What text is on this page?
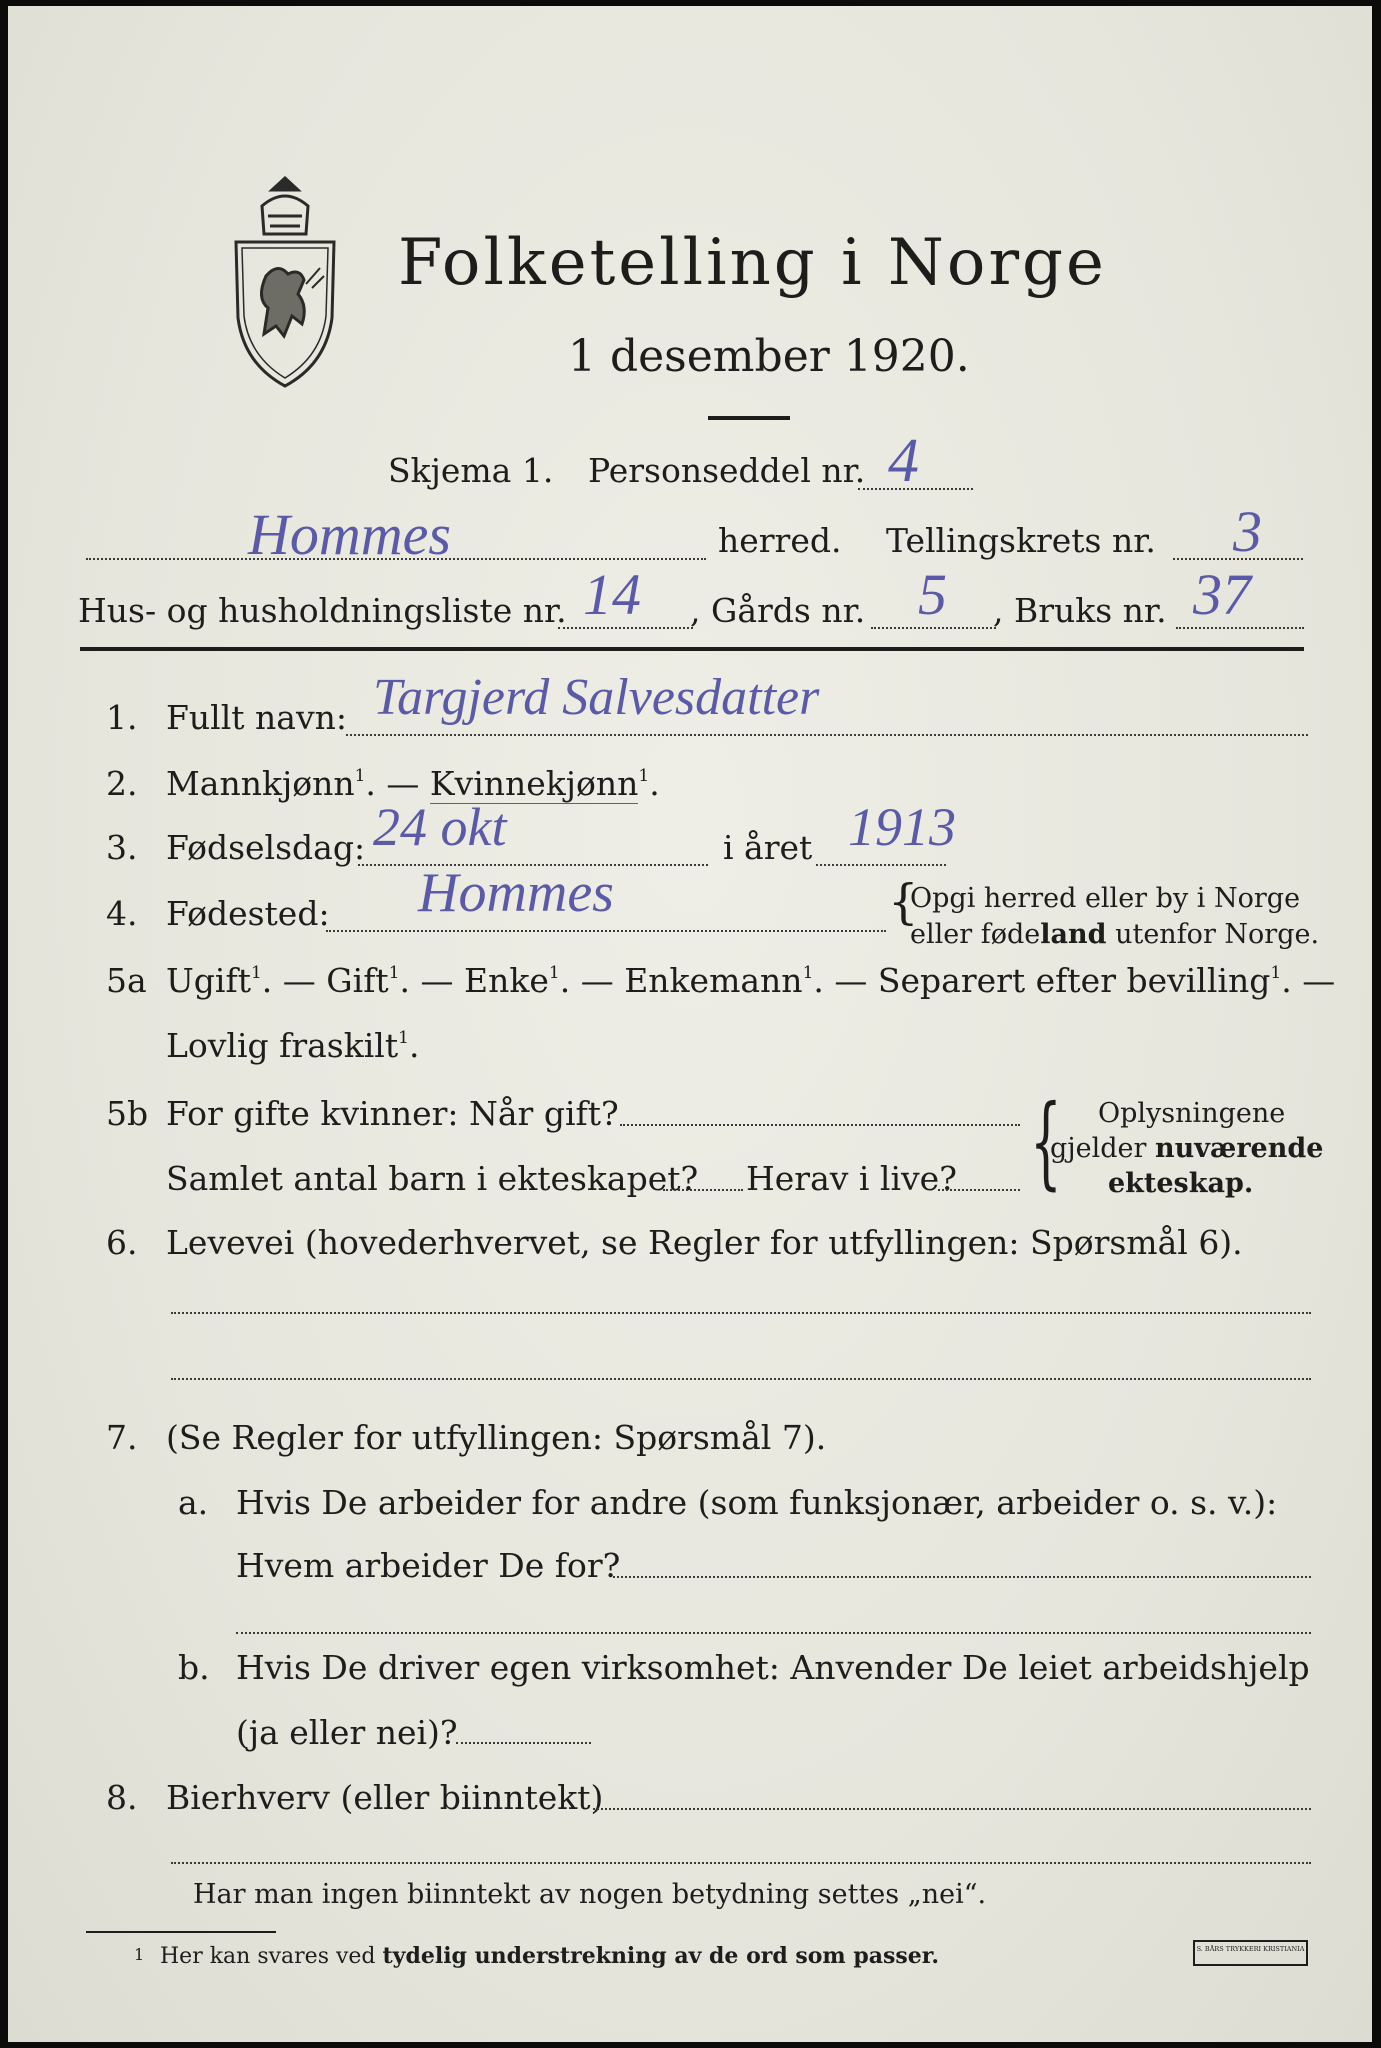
Folketelling i Norge
1 desember 1920.
Skjema 1. Personseddel nr. 4
Hommes	herred. Tellingskrets nr. 3
Hus- og husholdningsliste nr. 14 , Gårds nr. 5 , Bruks nr. 37
1. Fullt navn: Targjerd Salvesdatter
2. Mannkjønn$^1$. — Kvinnekjønn$^1$.
3. Fødselsdag: 24 okt	i året 1913
4. Fødested: Hommes	{
Opgi herred eller by i Norge
eller fødeland utenfor Norge.
5a Ugift$^1$. — Gift$^1$. — Enke$^1$. — Enkemann$^1$. — Separert efter bevilling$^1$. —
Lovlig fraskilt$^1$.
5b For gifte kvinner: Når gift?
Samlet antal barn i ekteskapet? Herav i live? { Oplysningene
gjelder nuværende
ekteskap.
6. Levevei (hovederhvervet, se Regler for utfyllingen: Spørsmål 6).
7. (Se Regler for utfyllingen: Spørsmål 7).
a. Hvis De arbeider for andre (som funksjonær, arbeider o. s. v.):
Hvem arbeider De for?
b. Hvis De driver egen virksomhet: Anvender De leiet arbeidshjelp
(ja eller nei)?
8. Bierhverv (eller biinntekt)
Har man ingen biinntekt av nogen betydning settes „nei“.
1 Her kan svares ved tydelig understrekning av de ord som passer.	S. BÅRS TRYKKERI KRISTIANIA
